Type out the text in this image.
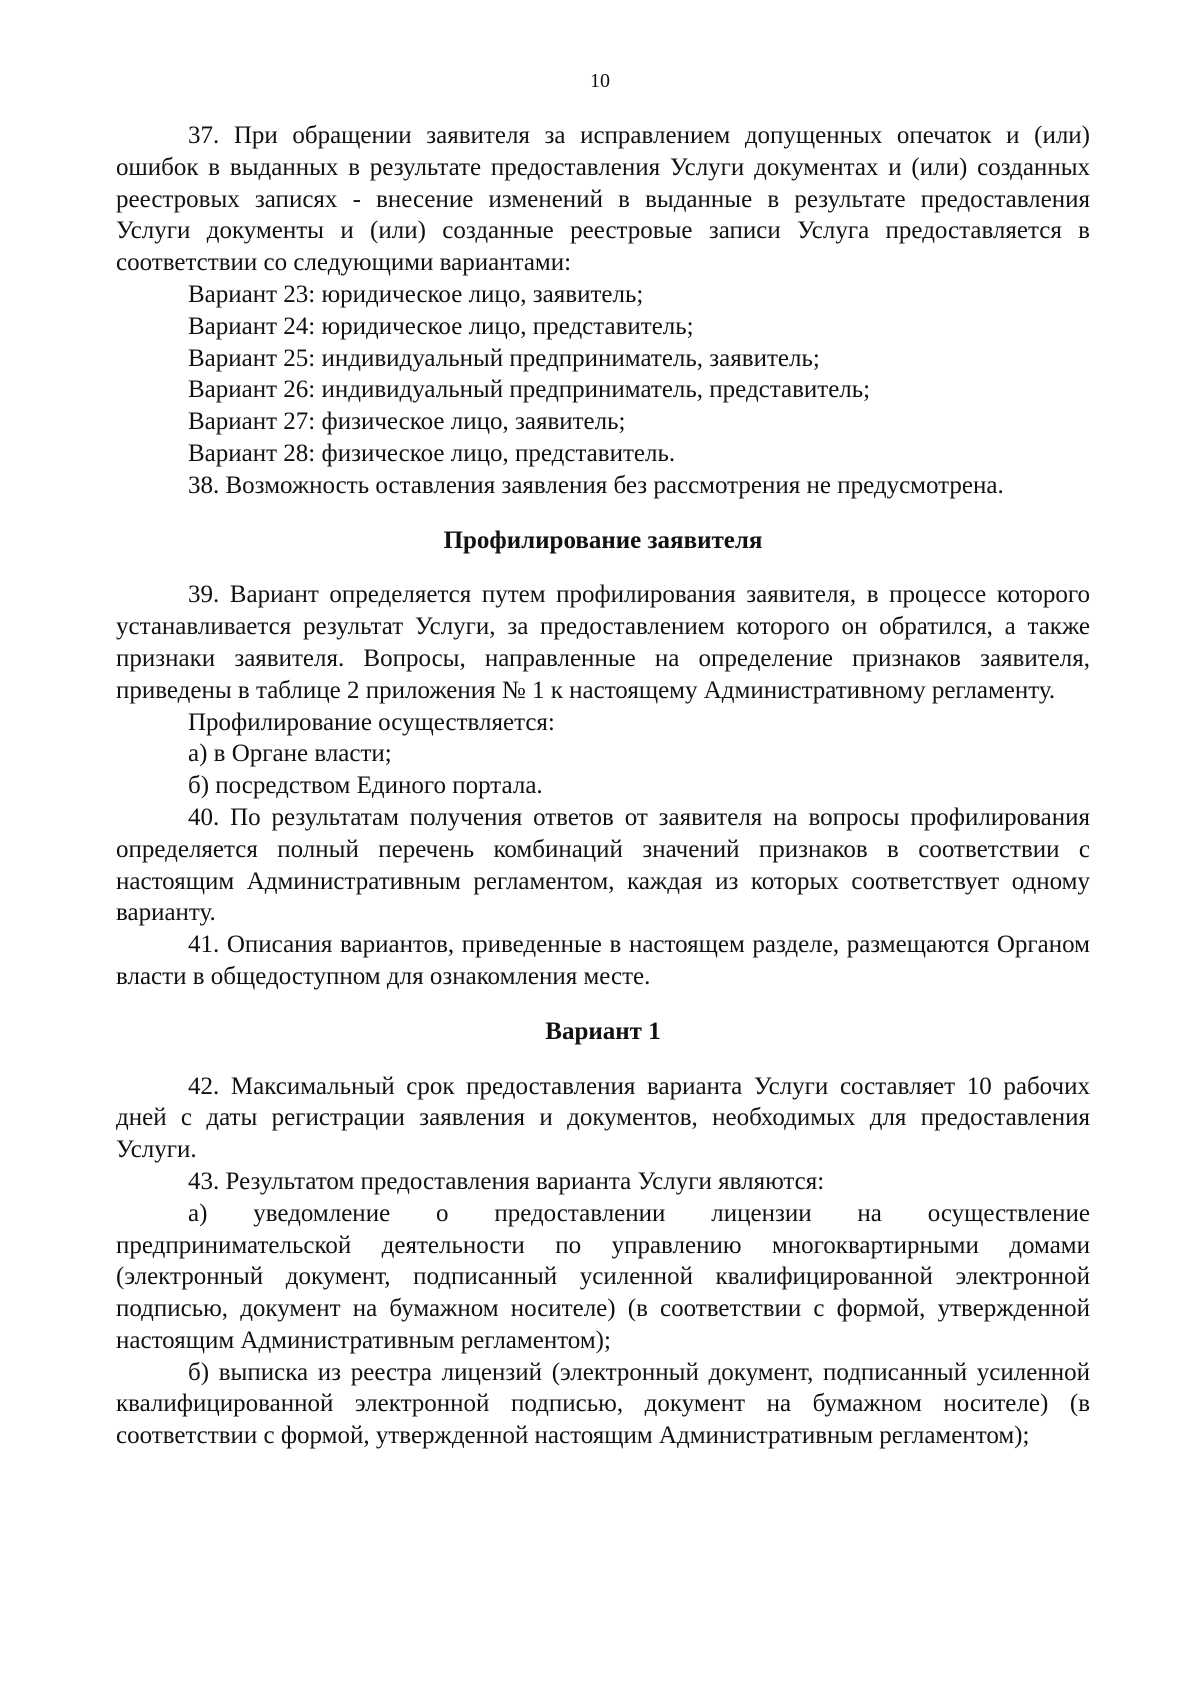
10

37. При обращении заявителя за исправлением допущенных опечаток и (или) ошибок в выданных в результате предоставления Услуги документах и (или) созданных реестровых записях - внесение изменений в выданные в результате предоставления Услуги документы и (или) созданные реестровые записи Услуга предоставляется в соответствии со следующими вариантами:

Вариант 23: юридическое лицо, заявитель;

Вариант 24: юридическое лицо, представитель;

Вариант 25: индивидуальный предприниматель, заявитель;

Вариант 26: индивидуальный предприниматель, представитель;

Вариант 27: физическое лицо, заявитель;

Вариант 28: физическое лицо, представитель.

38. Возможность оставления заявления без рассмотрения не предусмотрена.

Профилирование заявителя

39. Вариант определяется путем профилирования заявителя, в процессе которого устанавливается результат Услуги, за предоставлением которого он обратился, а также признаки заявителя. Вопросы, направленные на определение признаков заявителя, приведены в таблице 2 приложения № 1 к настоящему Административному регламенту.

Профилирование осуществляется:

а) в Органе власти;

б) посредством Единого портала.

40. По результатам получения ответов от заявителя на вопросы профилирования определяется полный перечень комбинаций значений признаков в соответствии с настоящим Административным регламентом, каждая из которых соответствует одному варианту.

41. Описания вариантов, приведенные в настоящем разделе, размещаются Органом власти в общедоступном для ознакомления месте.

Вариант 1

42. Максимальный срок предоставления варианта Услуги составляет 10 рабочих дней с даты регистрации заявления и документов, необходимых для предоставления Услуги.

43. Результатом предоставления варианта Услуги являются:

а) уведомление о предоставлении лицензии на осуществление предпринимательской деятельности по управлению многоквартирными домами (электронный документ, подписанный усиленной квалифицированной электронной подписью, документ на бумажном носителе) (в соответствии с формой, утвержденной настоящим Административным регламентом);

б) выписка из реестра лицензий (электронный документ, подписанный усиленной квалифицированной электронной подписью, документ на бумажном носителе) (в соответствии с формой, утвержденной настоящим Административным регламентом);
